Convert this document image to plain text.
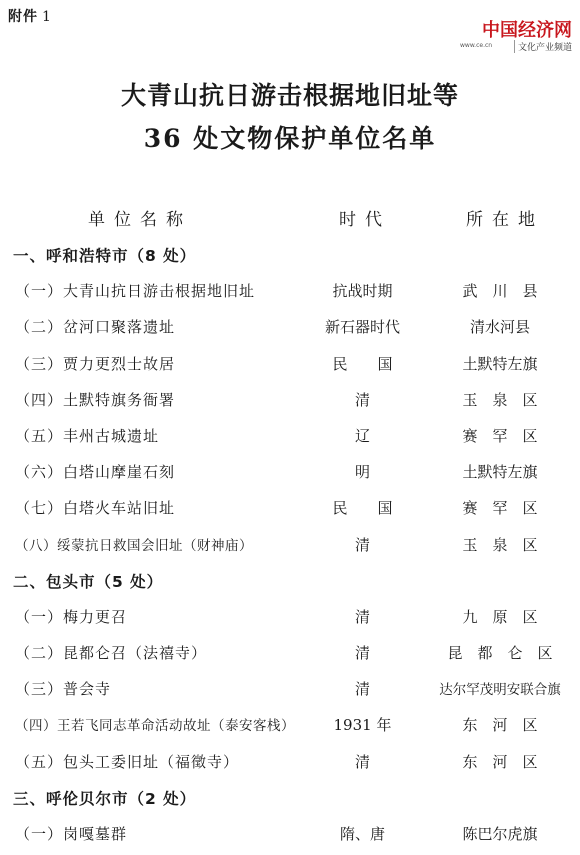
附件 1
中国经济网
www.ce.cn	文化产业频道
大青山抗日游击根据地旧址等
36 处文物保护单位名单
单位名称	时代	所在地
一、呼和浩特市（8 处）
（一）大青山抗日游击根据地旧址	抗战时期	武　川　县
（二）岔河口聚落遗址	新石器时代	清水河县
（三）贾力更烈士故居	民　　国	土默特左旗
（四）土默特旗务衙署	清	玉　泉　区
（五）丰州古城遗址	辽	赛　罕　区
（六）白塔山摩崖石刻	明	土默特左旗
（七）白塔火车站旧址	民　　国	赛　罕　区
（八）绥蒙抗日救国会旧址（财神庙）	清	玉　泉　区
二、包头市（5 处）
（一）梅力更召	清	九　原　区
（二）昆都仑召（法禧寺）	清	昆　都　仑　区
（三）普会寺	清	达尔罕茂明安联合旗
（四）王若飞同志革命活动故址（泰安客栈）	1931 年	东　河　区
（五）包头工委旧址（福徵寺）	清	东　河　区
三、呼伦贝尔市（2 处）
（一）岗嘎墓群	隋、唐	陈巴尔虎旗
